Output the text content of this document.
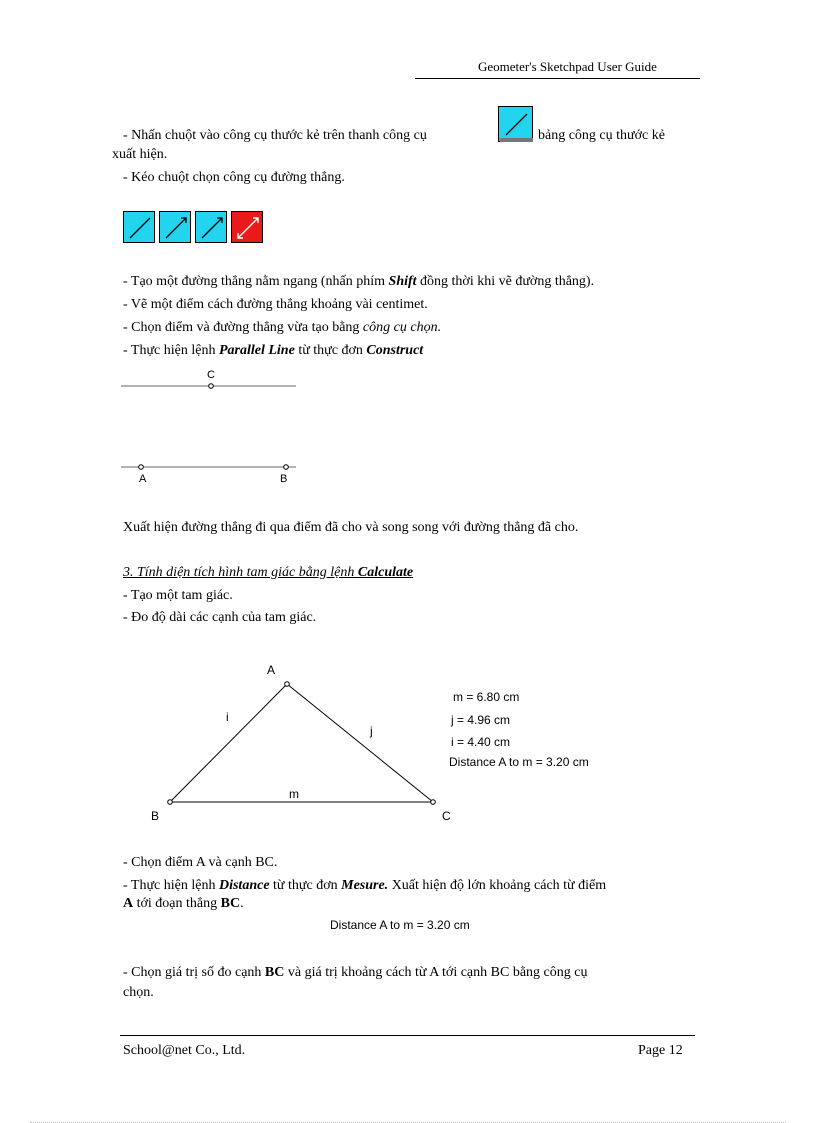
Geometer's Sketchpad User Guide
- Nhấn chuột vào công cụ thước kẻ trên thanh công cụ	bảng công cụ thước kẻ
xuất hiện.
- Kéo chuột chọn công cụ đường thẳng.
- Tạo một đường thẳng nằm ngang (nhấn phím Shift đồng thời khi vẽ đường thẳng).
- Vẽ một điểm cách đường thẳng khoảng vài centimet.
- Chọn điểm và đường thẳng vừa tạo bằng công cụ chọn.
- Thực hiện lệnh Parallel Line từ thực đơn Construct
C
A	B
Xuất hiện đường thẳng đi qua điểm đã cho và song song với đường thẳng đã cho.
3. Tính diện tích hình tam giác bằng lệnh Calculate
- Tạo một tam giác.
- Đo độ dài các cạnh của tam giác.
A
B	C
i
j
m
m = 6.80 cm
j = 4.96 cm
i = 4.40 cm
Distance A to m = 3.20 cm
- Chọn điểm A và cạnh BC.
- Thực hiện lệnh Distance từ thực đơn Mesure. Xuất hiện độ lớn khoảng cách từ điểm
A tới đoạn thẳng BC.
Distance A to m = 3.20 cm
- Chọn giá trị số đo cạnh BC và giá trị khoảng cách từ A tới cạnh BC bằng công cụ
chọn.
School@net Co., Ltd.	Page 12
